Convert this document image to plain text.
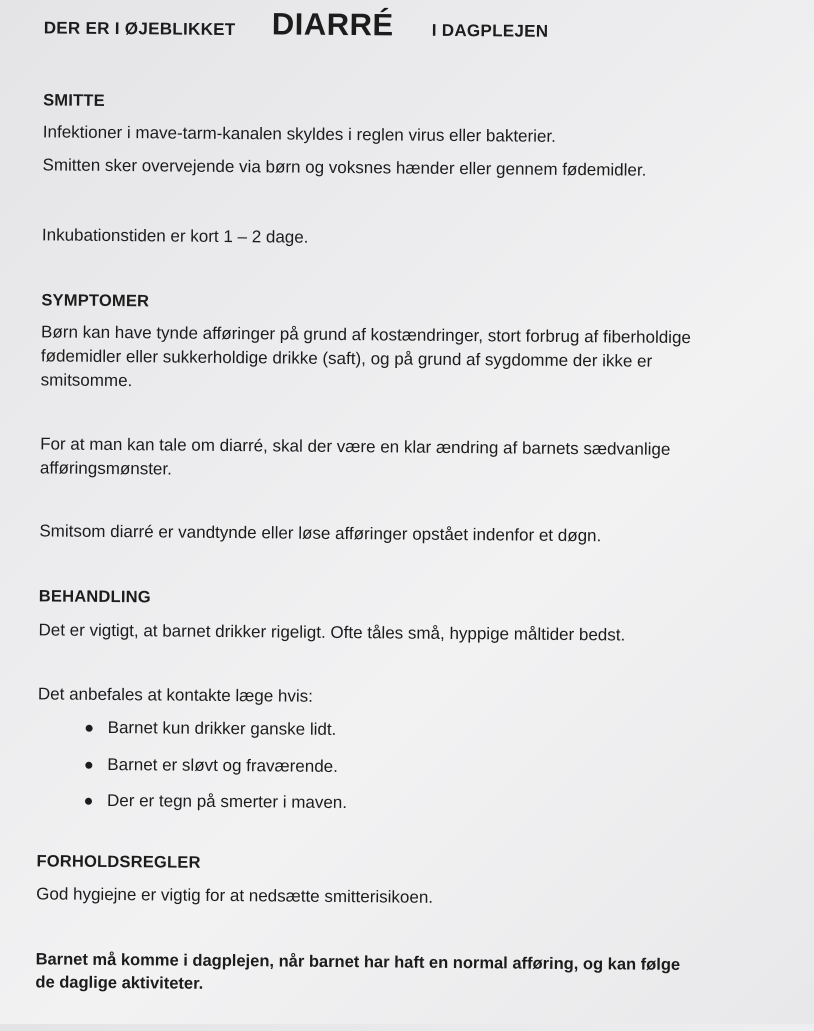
DER ER I ØJEBLIKKET DIARRÉ I DAGPLEJEN
SMITTE
Infektioner i mave-tarm-kanalen skyldes i reglen virus eller bakterier.
Smitten sker overvejende via børn og voksnes hænder eller gennem fødemidler.
Inkubationstiden er kort 1 – 2 dage.
SYMPTOMER
Børn kan have tynde afføringer på grund af kostændringer, stort forbrug af fiberholdige
fødemidler eller sukkerholdige drikke (saft), og på grund af sygdomme der ikke er
smitsomme.
For at man kan tale om diarré, skal der være en klar ændring af barnets sædvanlige
afføringsmønster.
Smitsom diarré er vandtynde eller løse afføringer opstået indenfor et døgn.
BEHANDLING
Det er vigtigt, at barnet drikker rigeligt. Ofte tåles små, hyppige måltider bedst.
Det anbefales at kontakte læge hvis:
Barnet kun drikker ganske lidt.
Barnet er sløvt og fraværende.
Der er tegn på smerter i maven.
FORHOLDSREGLER
God hygiejne er vigtig for at nedsætte smitterisikoen.
Barnet må komme i dagplejen, når barnet har haft en normal afføring, og kan følge
de daglige aktiviteter.
